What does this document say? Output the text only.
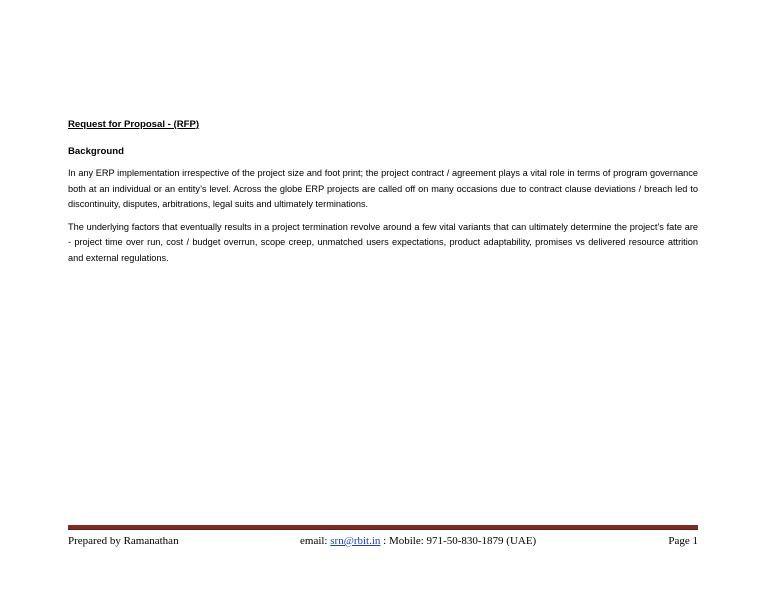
Request for Proposal - (RFP)
Background

In any ERP implementation irrespective of the project size and foot print; the project contract / agreement plays a vital role in terms of program governance both at an individual or an entity’s level. Across the globe ERP projects are called off on many occasions due to contract clause deviations / breach led to discontinuity, disputes, arbitrations, legal suits and ultimately terminations.

The underlying factors that eventually results in a project termination revolve around a few vital variants that can ultimately determine the project’s fate are - project time over run, cost / budget overrun, scope creep, unmatched users expectations, product adaptability, promises vs delivered resource attrition and external regulations.

Prepared by Ramanathan	email: srn@rbit.in : Mobile: 971-50-830-1879 (UAE)	Page 1
